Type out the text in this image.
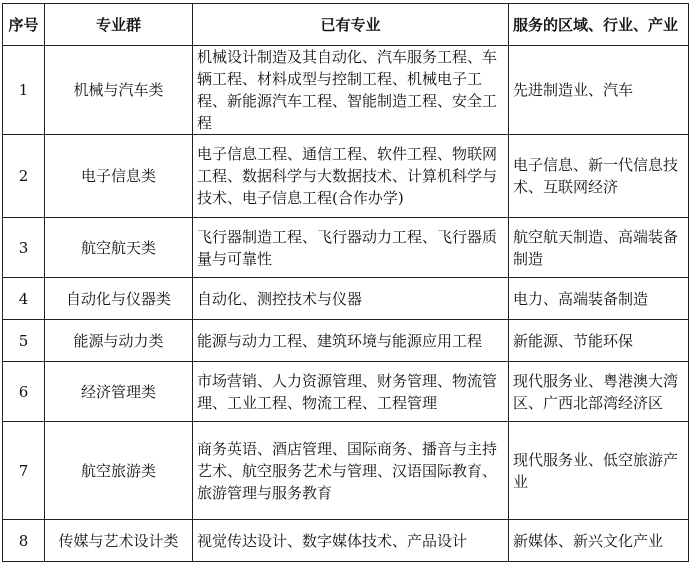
序号	专业群	已有专业	服务的区域、行业、产业
1	机械与汽车类	机械设计制造及其自动化、汽车服务工程、车辆工程、材料成型与控制工程、机械电子工程、新能源汽车工程、智能制造工程、安全工程	先进制造业、汽车
2	电子信息类	电子信息工程、通信工程、软件工程、物联网工程、数据科学与大数据技术、计算机科学与技术、电子信息工程(合作办学)	电子信息、新一代信息技术、互联网经济
3	航空航天类	飞行器制造工程、飞行器动力工程、飞行器质量与可靠性	航空航天制造、高端装备制造
4	自动化与仪器类	自动化、测控技术与仪器	电力、高端装备制造
5	能源与动力类	能源与动力工程、建筑环境与能源应用工程	新能源、节能环保
6	经济管理类	市场营销、人力资源管理、财务管理、物流管理、工业工程、物流工程、工程管理	现代服务业、粤港澳大湾区、广西北部湾经济区
7	航空旅游类	商务英语、酒店管理、国际商务、播音与主持艺术、航空服务艺术与管理、汉语国际教育、旅游管理与服务教育	现代服务业、低空旅游产业
8	传媒与艺术设计类	视觉传达设计、数字媒体技术、产品设计	新媒体、新兴文化产业
